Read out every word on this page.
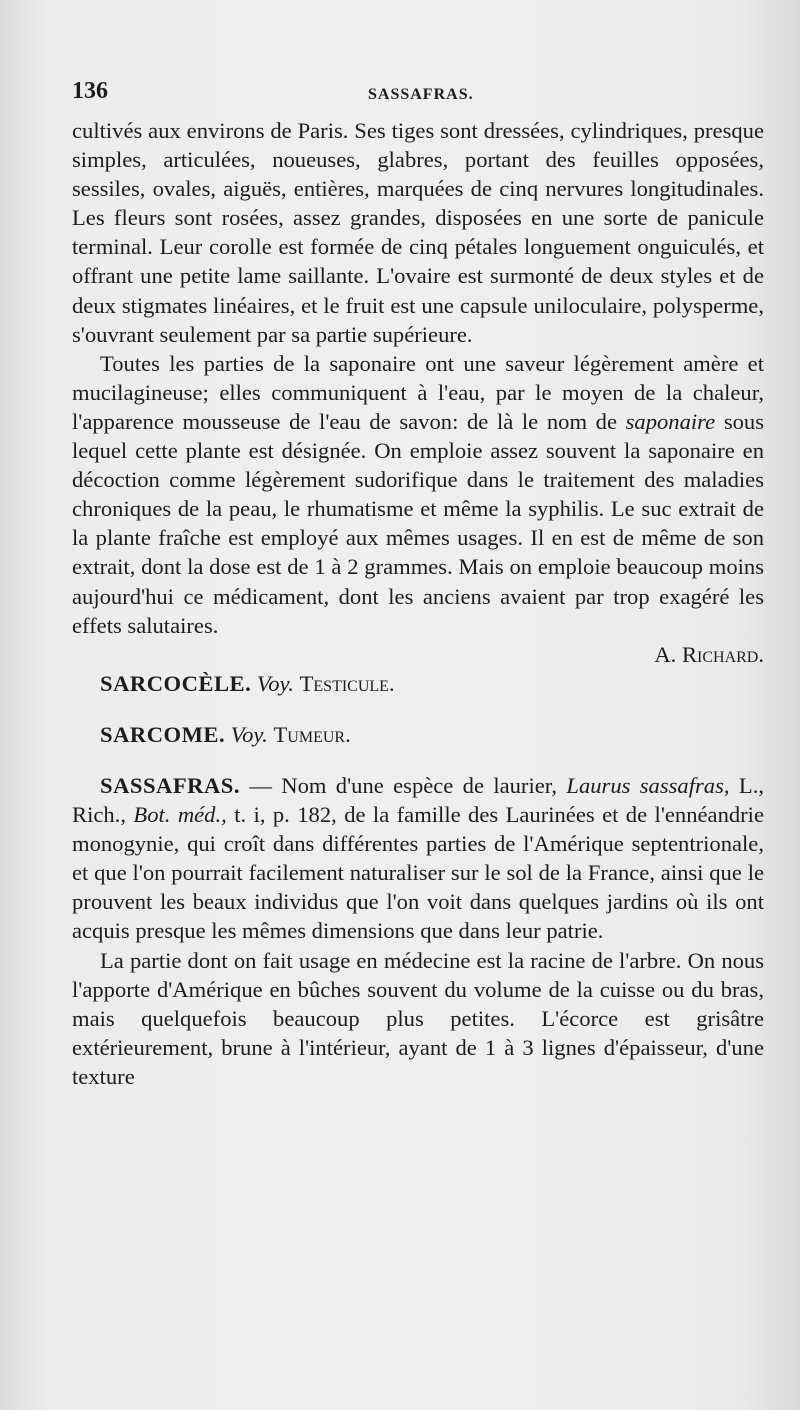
136	SASSAFRAS.

cultivés aux environs de Paris. Ses tiges sont dressées, cylindriques, presque simples, articulées, noueuses, glabres, portant des feuilles opposées, sessiles, ovales, aiguës, entières, marquées de cinq nervures longitudinales. Les fleurs sont rosées, assez grandes, disposées en une sorte de panicule terminal. Leur corolle est formée de cinq pétales longuement onguiculés, et offrant une petite lame saillante. L'ovaire est surmonté de deux styles et de deux stigmates linéaires, et le fruit est une capsule uniloculaire, polysperme, s'ouvrant seulement par sa partie supérieure.

Toutes les parties de la saponaire ont une saveur légèrement amère et mucilagineuse; elles communiquent à l'eau, par le moyen de la chaleur, l'apparence mousseuse de l'eau de savon: de là le nom de saponaire sous lequel cette plante est désignée. On emploie assez souvent la saponaire en décoction comme légèrement sudorifique dans le traitement des maladies chroniques de la peau, le rhumatisme et même la syphilis. Le suc extrait de la plante fraîche est employé aux mêmes usages. Il en est de même de son extrait, dont la dose est de 1 à 2 grammes. Mais on emploie beaucoup moins aujourd'hui ce médicament, dont les anciens avaient par trop exagéré les effets salutaires.

A. Richard.

SARCOCÈLE. Voy. Testicule.

SARCOME. Voy. Tumeur.

SASSAFRAS. — Nom d'une espèce de laurier, Laurus sassafras, L., Rich., Bot. méd., t. i, p. 182, de la famille des Laurinées et de l'ennéandrie monogynie, qui croît dans différentes parties de l'Amérique septentrionale, et que l'on pourrait facilement naturaliser sur le sol de la France, ainsi que le prouvent les beaux individus que l'on voit dans quelques jardins où ils ont acquis presque les mêmes dimensions que dans leur patrie.

La partie dont on fait usage en médecine est la racine de l'arbre. On nous l'apporte d'Amérique en bûches souvent du volume de la cuisse ou du bras, mais quelquefois beaucoup plus petites. L'écorce est grisâtre extérieurement, brune à l'intérieur, ayant de 1 à 3 lignes d'épaisseur, d'une texture
